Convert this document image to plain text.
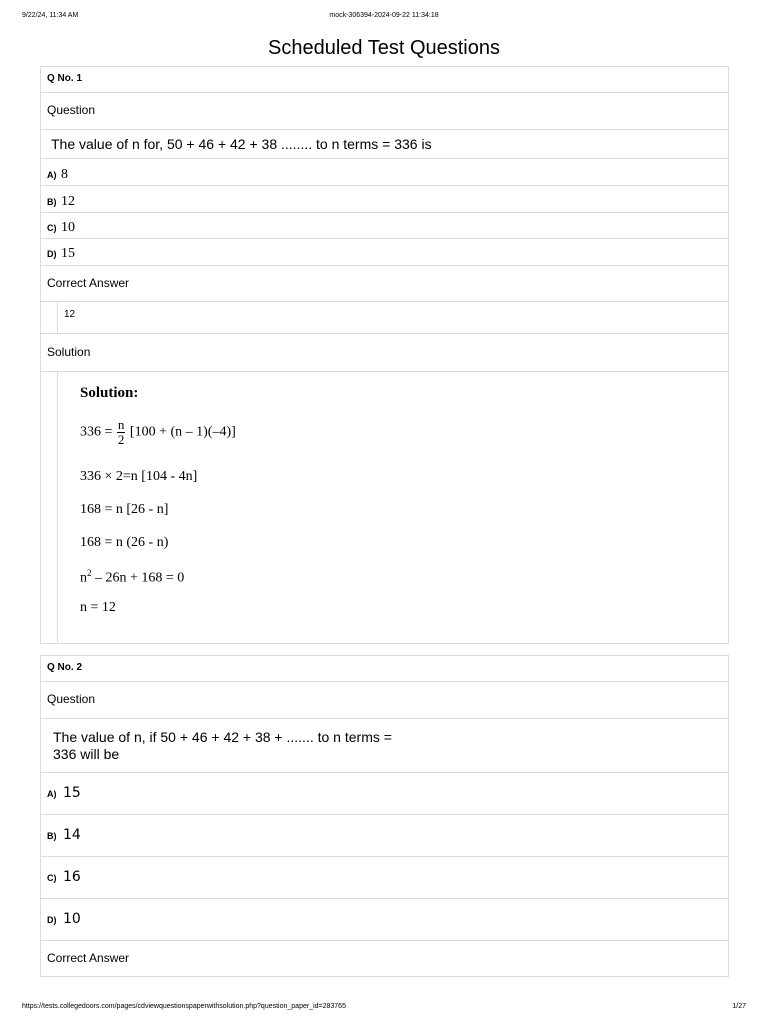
9/22/24, 11:34 AM	mock-306394-2024-09-22 11:34:18
Scheduled Test Questions
Q No. 1
Question
The value of n for, 50 + 46 + 42 + 38 ........ to n terms = 336 is
A) 8
B) 12
C) 10
D) 15
Correct Answer
12
Solution
Solution:
$336 = \frac{n}{2} [100 + (n - 1)(-4)]$
336 × 2=n [104 - 4n]
168 = n [26 - n]
168 = n (26 - n)
$n^2 - 26n + 168 = 0$
n = 12
Q No. 2
Question
The value of n, if 50 + 46 + 42 + 38 + ....... to n terms =
336 will be
A) 15
B) 14
C) 16
D) 10
Correct Answer
https://tests.collegedoors.com/pages/cdviewquestionspaperwithsolution.php?question_paper_id=283765	1/27
